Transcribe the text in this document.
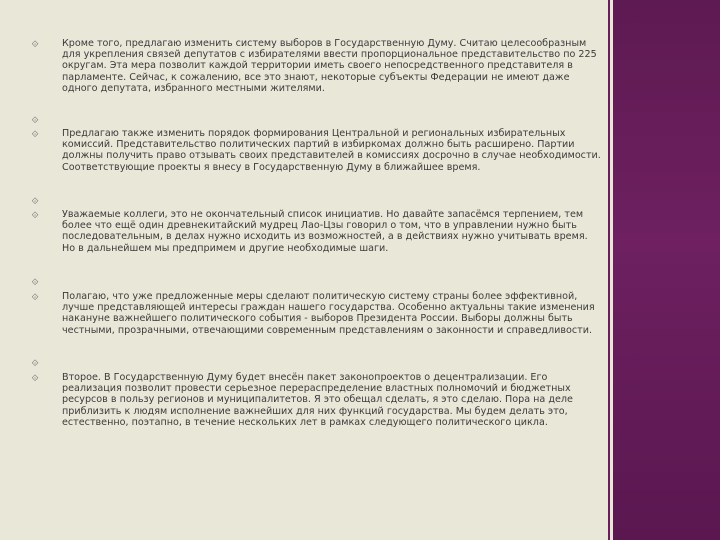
⟐ Кроме того, предлагаю изменить систему выборов в Государственную Думу. Считаю целесообразным для укрепления связей депутатов с избирателями ввести пропорциональное представительство по 225 округам. Эта мера позволит каждой территории иметь своего непосредственного представителя в парламенте. Сейчас, к сожалению, все это знают, некоторые субъекты Федерации не имеют даже одного депутата, избранного местными жителями.
⟐
⟐ Предлагаю также изменить порядок формирования Центральной и региональных избирательных комиссий. Представительство политических партий в избиркомах должно быть расширено. Партии должны получить право отзывать своих представителей в комиссиях досрочно в случае необходимости. Соответствующие проекты я внесу в Государственную Думу в ближайшее время.
⟐
⟐ Уважаемые коллеги, это не окончательный список инициатив. Но давайте запасёмся терпением, тем более что ещё один древнекитайский мудрец Лао-Цзы говорил о том, что в управлении нужно быть последовательным, в делах нужно исходить из возможностей, а в действиях нужно учитывать время. Но в дальнейшем мы предпримем и другие необходимые шаги.
⟐
⟐ Полагаю, что уже предложенные меры сделают политическую систему страны более эффективной, лучше представляющей интересы граждан нашего государства. Особенно актуальны такие изменения накануне важнейшего политического события - выборов Президента России. Выборы должны быть честными, прозрачными, отвечающими современным представлениям о законности и справедливости.
⟐
⟐ Второе. В Государственную Думу будет внесён пакет законопроектов о децентрализации. Его реализация позволит провести серьезное перераспределение властных полномочий и бюджетных ресурсов в пользу регионов и муниципалитетов. Я это обещал сделать, я это сделаю. Пора на деле приблизить к людям исполнение важнейших для них функций государства. Мы будем делать это, естественно, поэтапно, в течение нескольких лет в рамках следующего политического цикла.
